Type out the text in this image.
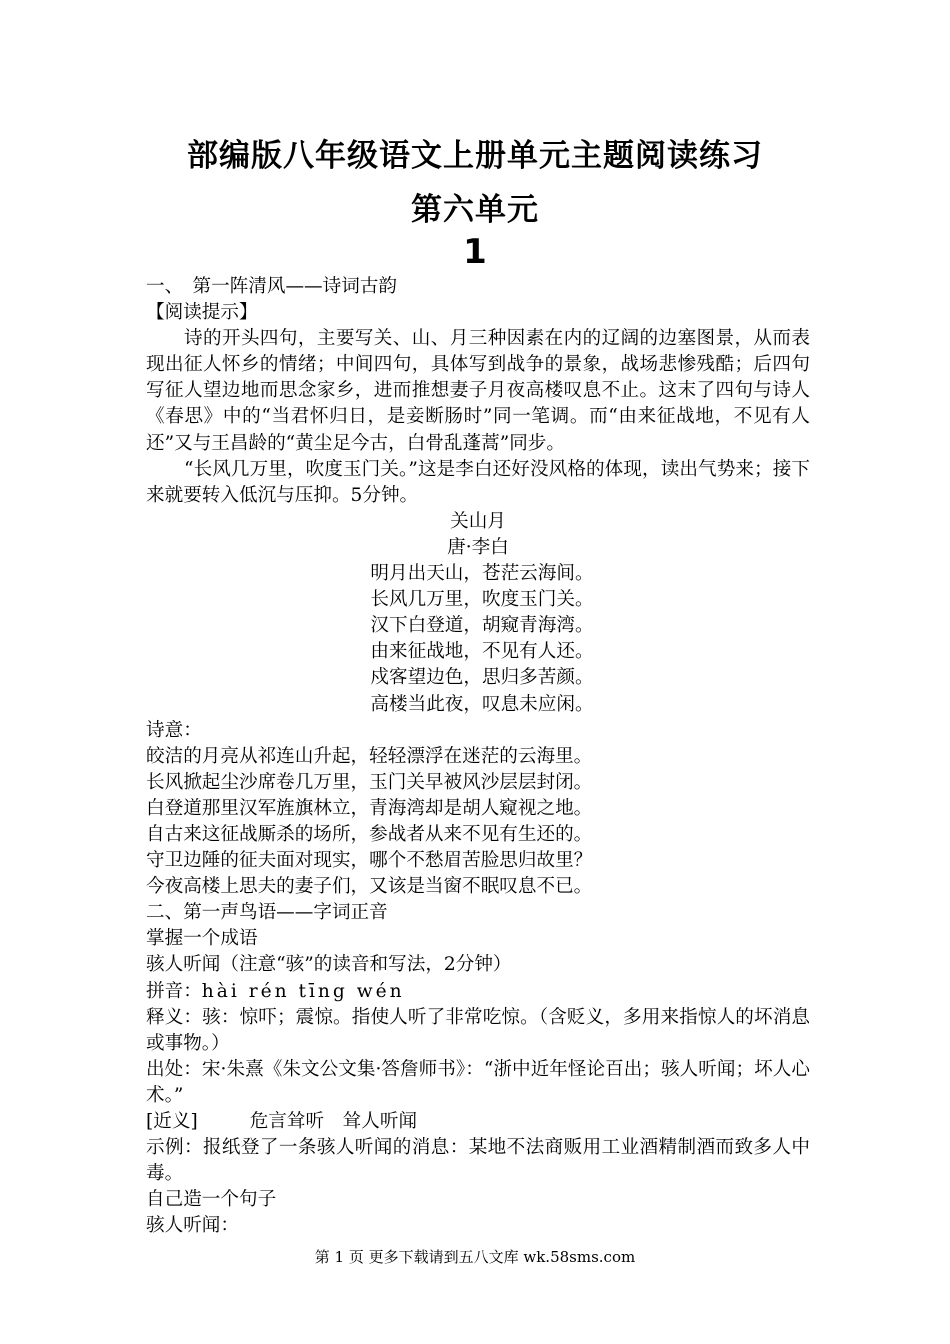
部编版八年级语文上册单元主题阅读练习
第六单元
1
一、　第一阵清风——诗词古韵
【阅读提示】
诗的开头四句，主要写关、山、月三种因素在内的辽阔的边塞图景，从而表现出征人怀乡的情绪；中间四句，具体写到战争的景象，战场悲惨残酷；后四句写征人望边地而思念家乡，进而推想妻子月夜高楼叹息不止。这末了四句与诗人《春思》中的“当君怀归日，是妾断肠时”同一笔调。而“由来征战地，不见有人还”又与王昌龄的“黄尘足今古，白骨乱蓬蒿”同步。
“长风几万里，吹度玉门关。”这是李白还好没风格的体现，读出气势来；接下来就要转入低沉与压抑。5分钟。
关山月
唐·李白
明月出天山，苍茫云海间。
长风几万里，吹度玉门关。
汉下白登道，胡窥青海湾。
由来征战地，不见有人还。
戍客望边色，思归多苦颜。
高楼当此夜，叹息未应闲。
诗意：
皎洁的月亮从祁连山升起，轻轻漂浮在迷茫的云海里。
长风掀起尘沙席卷几万里，玉门关早被风沙层层封闭。
白登道那里汉军旌旗林立，青海湾却是胡人窥视之地。
自古来这征战厮杀的场所，参战者从来不见有生还的。
守卫边陲的征夫面对现实，哪个不愁眉苦脸思归故里？
今夜高楼上思夫的妻子们，又该是当窗不眠叹息不已。
二、第一声鸟语——字词正音
掌握一个成语
骇人听闻（注意“骇”的读音和写法，2分钟）
拼音：hài rén tīng wén
释义：骇：惊吓；震惊。指使人听了非常吃惊。（含贬义，多用来指惊人的坏消息或事物。）
出处：宋·朱熹《朱文公文集·答詹师书》：“浙中近年怪论百出；骇人听闻；坏人心术。”
[近义]	危言耸听　耸人听闻
示例：报纸登了一条骇人听闻的消息：某地不法商贩用工业酒精制酒而致多人中毒。
自己造一个句子
骇人听闻：
第 1 页 更多下载请到五八文库 wk.58sms.com
